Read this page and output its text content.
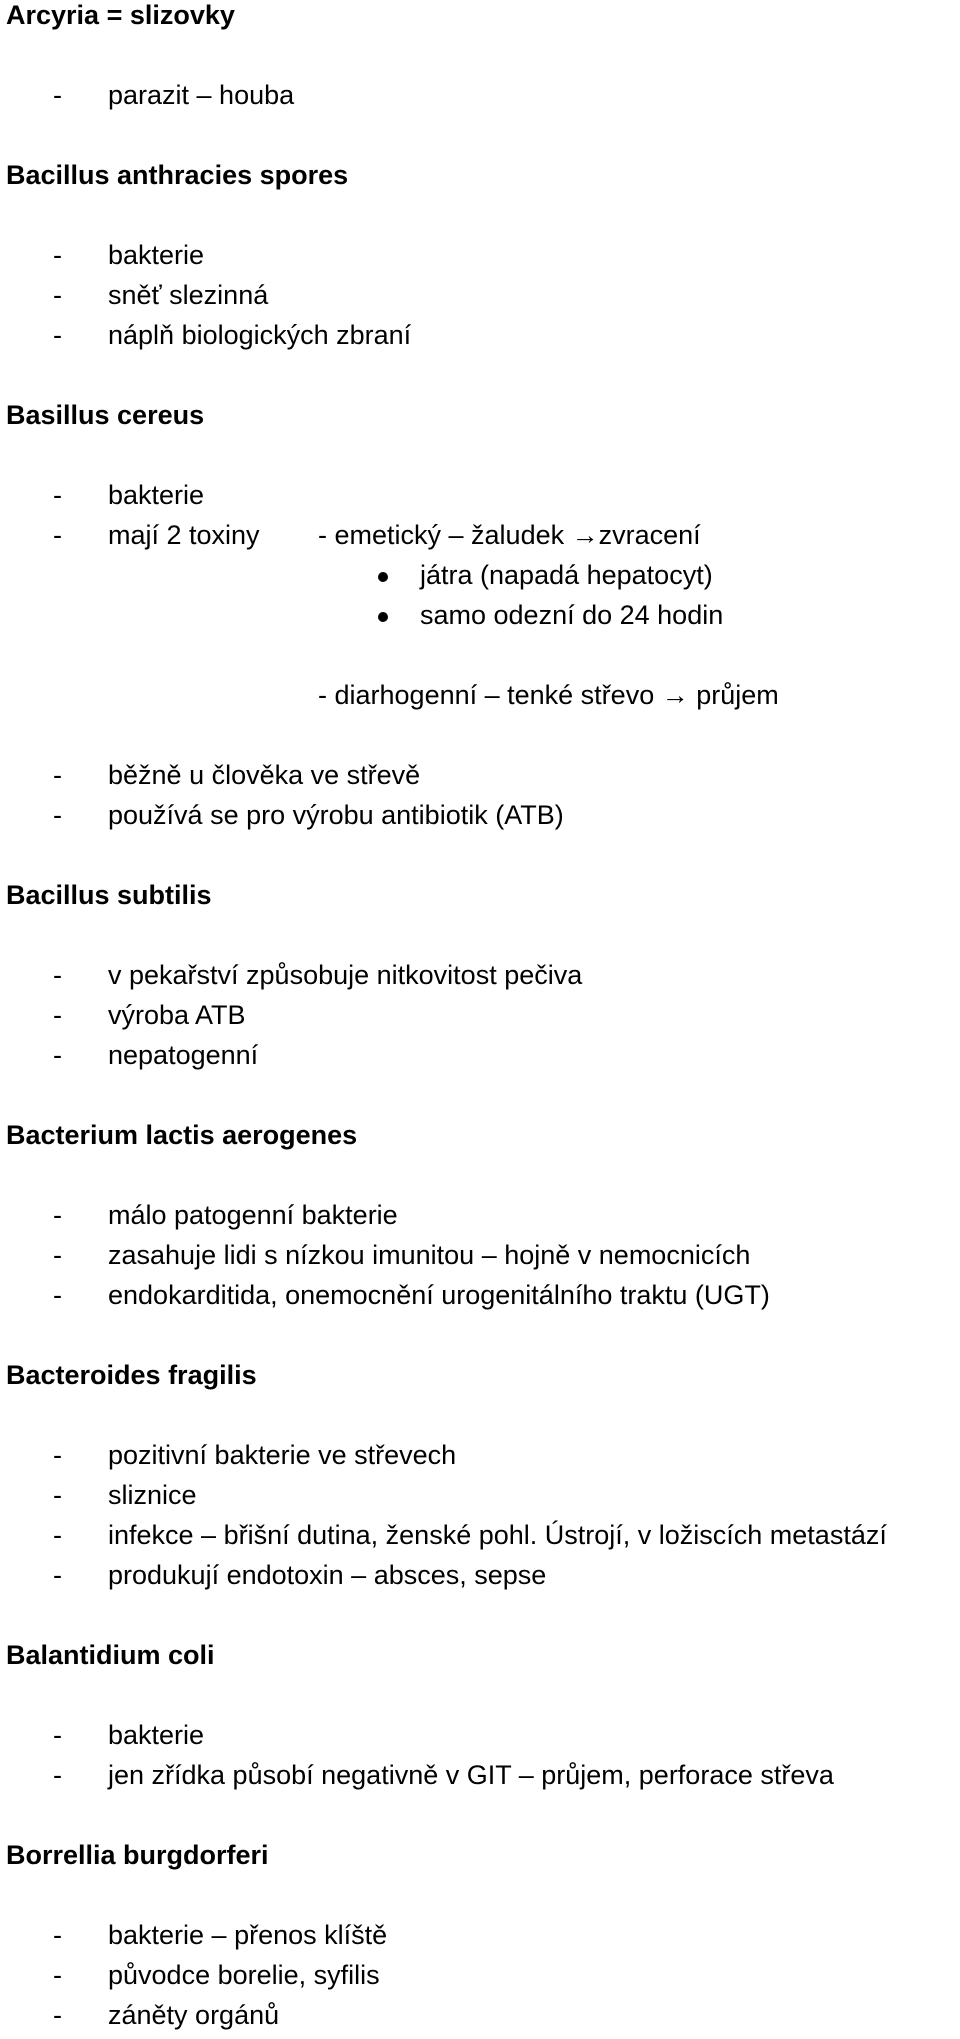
Arcyria = slizovky
- parazit – houba
Bacillus anthracies spores
- bakterie
- sněť slezinná
- náplň biologických zbraní
Basillus cereus
- bakterie
- mají 2 toxiny - emetický – žaludek →zvracení
játra (napadá hepatocyt)
samo odezní do 24 hodin
- diarhogenní – tenké střevo → průjem
- běžně u člověka ve střevě
- používá se pro výrobu antibiotik (ATB)
Bacillus subtilis
- v pekařství způsobuje nitkovitost pečiva
- výroba ATB
- nepatogenní
Bacterium lactis aerogenes
- málo patogenní bakterie
- zasahuje lidi s nízkou imunitou – hojně v nemocnicích
- endokarditida, onemocnění urogenitálního traktu (UGT)
Bacteroides fragilis
- pozitivní bakterie ve střevech
- sliznice
- infekce – břišní dutina, ženské pohl. Ústrojí, v ložiscích metastází
- produkují endotoxin – absces, sepse
Balantidium coli
- bakterie
- jen zřídka působí negativně v GIT – průjem, perforace střeva
Borrellia burgdorferi
- bakterie – přenos klíště
- původce borelie, syfilis
- záněty orgánů
